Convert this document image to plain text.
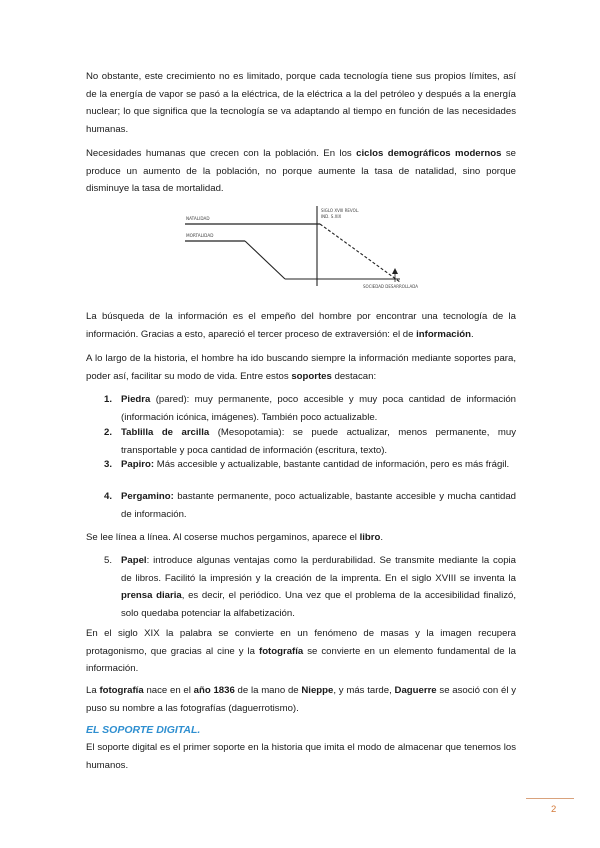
No obstante, este crecimiento no es limitado, porque cada tecnología tiene sus propios límites, así de la energía de vapor se pasó a la eléctrica, de la eléctrica a la del petróleo y después a la energía nuclear; lo que significa que la tecnología se va adaptando al tiempo en función de las necesidades humanas.

Necesidades humanas que crecen con la población. En los ciclos demográficos modernos se produce un aumento de la población, no porque aumente la tasa de natalidad, sino porque disminuye la tasa de mortalidad.

NATALIDAD
MORTALIDAD
SIGLO XVIII REVOL.
IND. S.XIX
SOCIEDAD DESARROLLADA

La búsqueda de la información es el empeño del hombre por encontrar una tecnología de la información. Gracias a esto, apareció el tercer proceso de extraversión: el de información.

A lo largo de la historia, el hombre ha ido buscando siempre la información mediante soportes para, poder así, facilitar su modo de vida. Entre estos soportes destacan:

1. Piedra (pared): muy permanente, poco accesible y muy poca cantidad de información (información icónica, imágenes). También poco actualizable.

2. Tablilla de arcilla (Mesopotamia): se puede actualizar, menos permanente, muy transportable y poca cantidad de información (escritura, texto).

3. Papiro: Más accesible y actualizable, bastante cantidad de información, pero es más frágil.

4. Pergamino: bastante permanente, poco actualizable, bastante accesible y mucha cantidad de información.

Se lee línea a línea. Al coserse muchos pergaminos, aparece el libro.

5. Papel: introduce algunas ventajas como la perdurabilidad. Se transmite mediante la copia de libros. Facilitó la impresión y la creación de la imprenta. En el siglo XVIII se inventa la prensa diaria, es decir, el periódico. Una vez que el problema de la accesibilidad finalizó, solo quedaba potenciar la alfabetización.

En el siglo XIX la palabra se convierte en un fenómeno de masas y la imagen recupera protagonismo, que gracias al cine y la fotografía se convierte en un elemento fundamental de la información.

La fotografía nace en el año 1836 de la mano de Nieppe, y más tarde, Daguerre se asoció con él y puso su nombre a las fotografías (daguerrotismo).

EL SOPORTE DIGITAL.

El soporte digital es el primer soporte en la historia que imita el modo de almacenar que tenemos los humanos.

2
